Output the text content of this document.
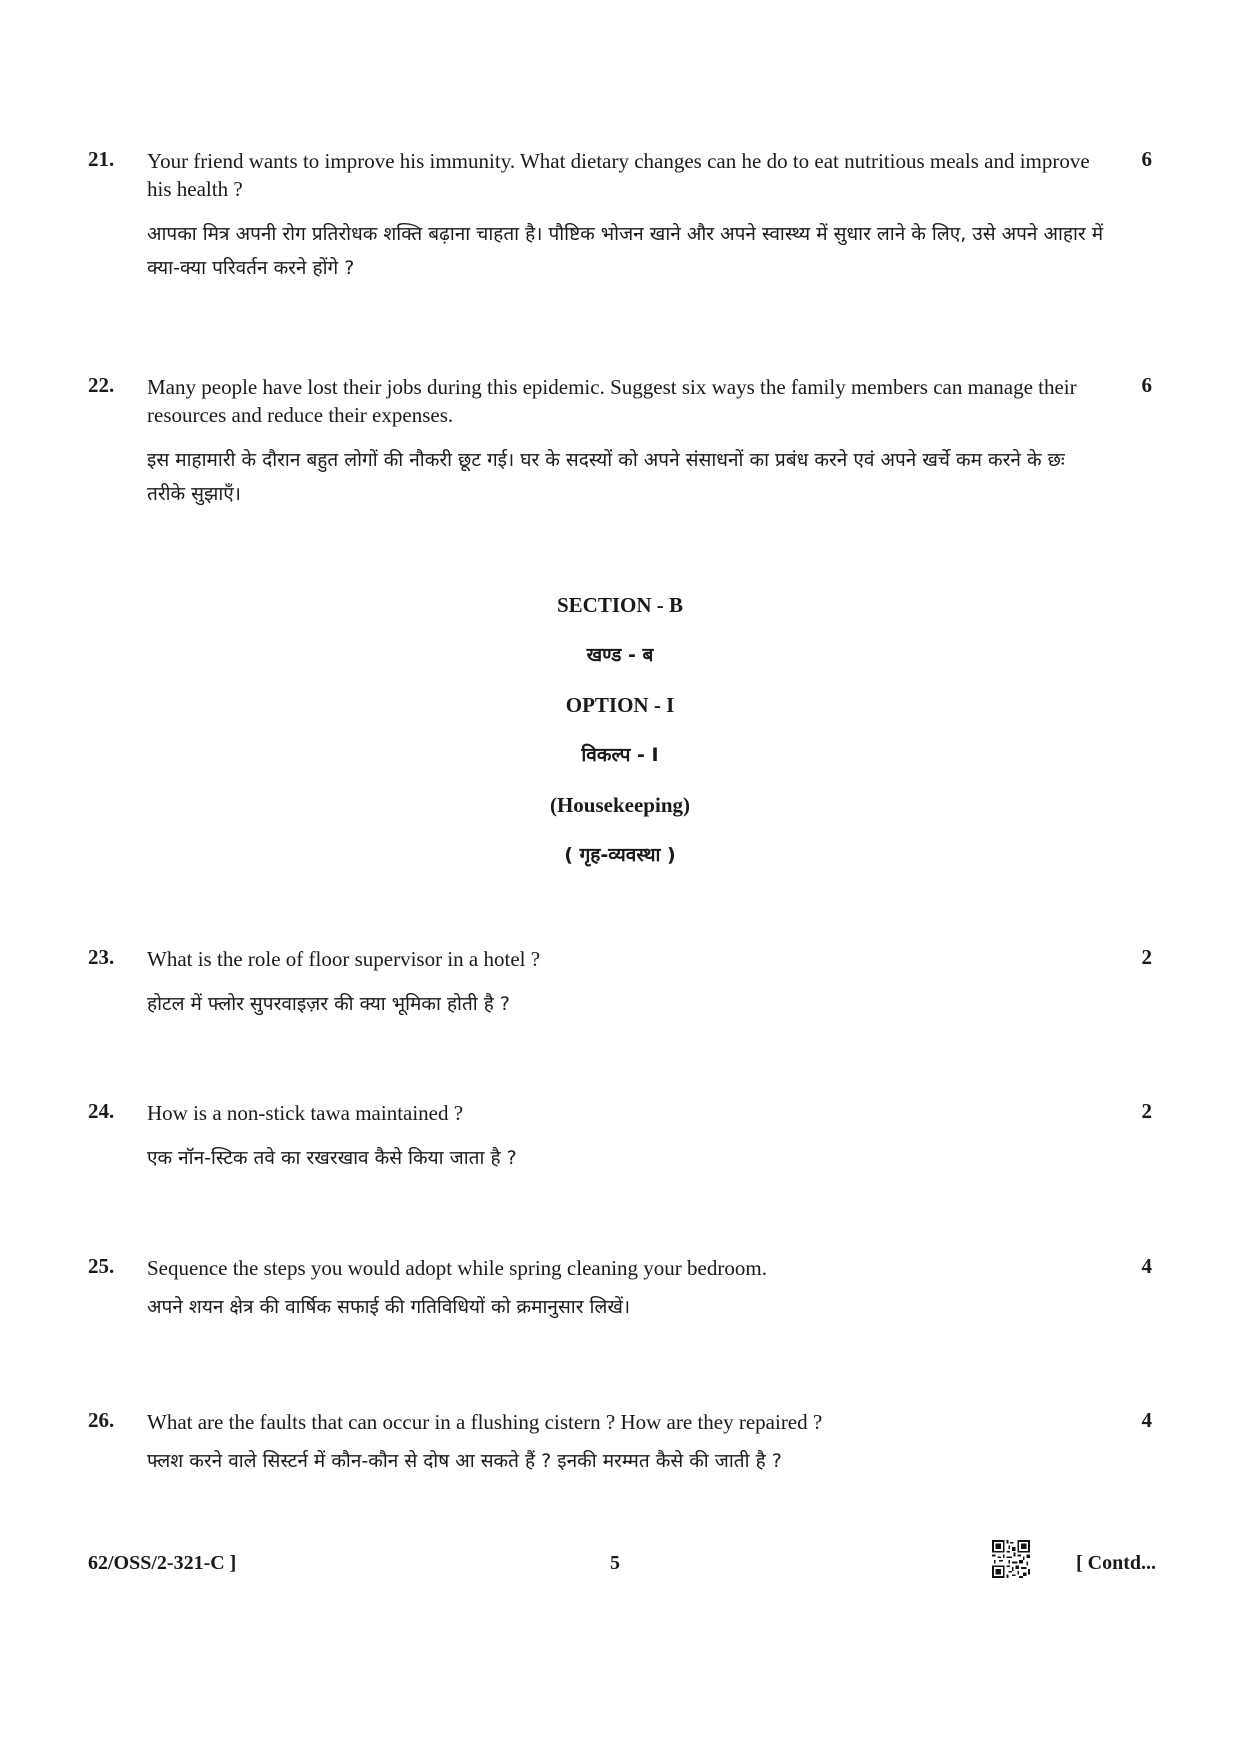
21. Your friend wants to improve his immunity. What dietary changes can he do to eat nutritious meals and improve his health ?

आपका मित्र अपनी रोग प्रतिरोधक शक्ति बढ़ाना चाहता है। पौष्टिक भोजन खाने और अपने स्वास्थ्य में सुधार लाने के लिए, उसे अपने आहार में क्या-क्या परिवर्तन करने होंगे ?

6
22. Many people have lost their jobs during this epidemic. Suggest six ways the family members can manage their resources and reduce their expenses.

इस माहामारी के दौरान बहुत लोगों की नौकरी छूट गई। घर के सदस्यों को अपने संसाधनों का प्रबंध करने एवं अपने खर्चे कम करने के छः तरीके सुझाएँ।

6

SECTION - B

खण्ड - ब

OPTION - I

विकल्प - I

(Housekeeping)

( गृह-व्यवस्था )

23. What is the role of floor supervisor in a hotel ?

होटल में फ्लोर सुपरवाइज़र की क्या भूमिका होती है ?

2
24. How is a non-stick tawa maintained ?

एक नॉन-स्टिक तवे का रखरखाव कैसे किया जाता है ?

2
25. Sequence the steps you would adopt while spring cleaning your bedroom.

अपने शयन क्षेत्र की वार्षिक सफाई की गतिविधियों को क्रमानुसार लिखें।

4
26. What are the faults that can occur in a flushing cistern ? How are they repaired ?

फ्लश करने वाले सिस्टर्न में कौन-कौन से दोष आ सकते हैं ? इनकी मरम्मत कैसे की जाती है ?

4
62/OSS/2-321-C ]	5	[ Contd...
